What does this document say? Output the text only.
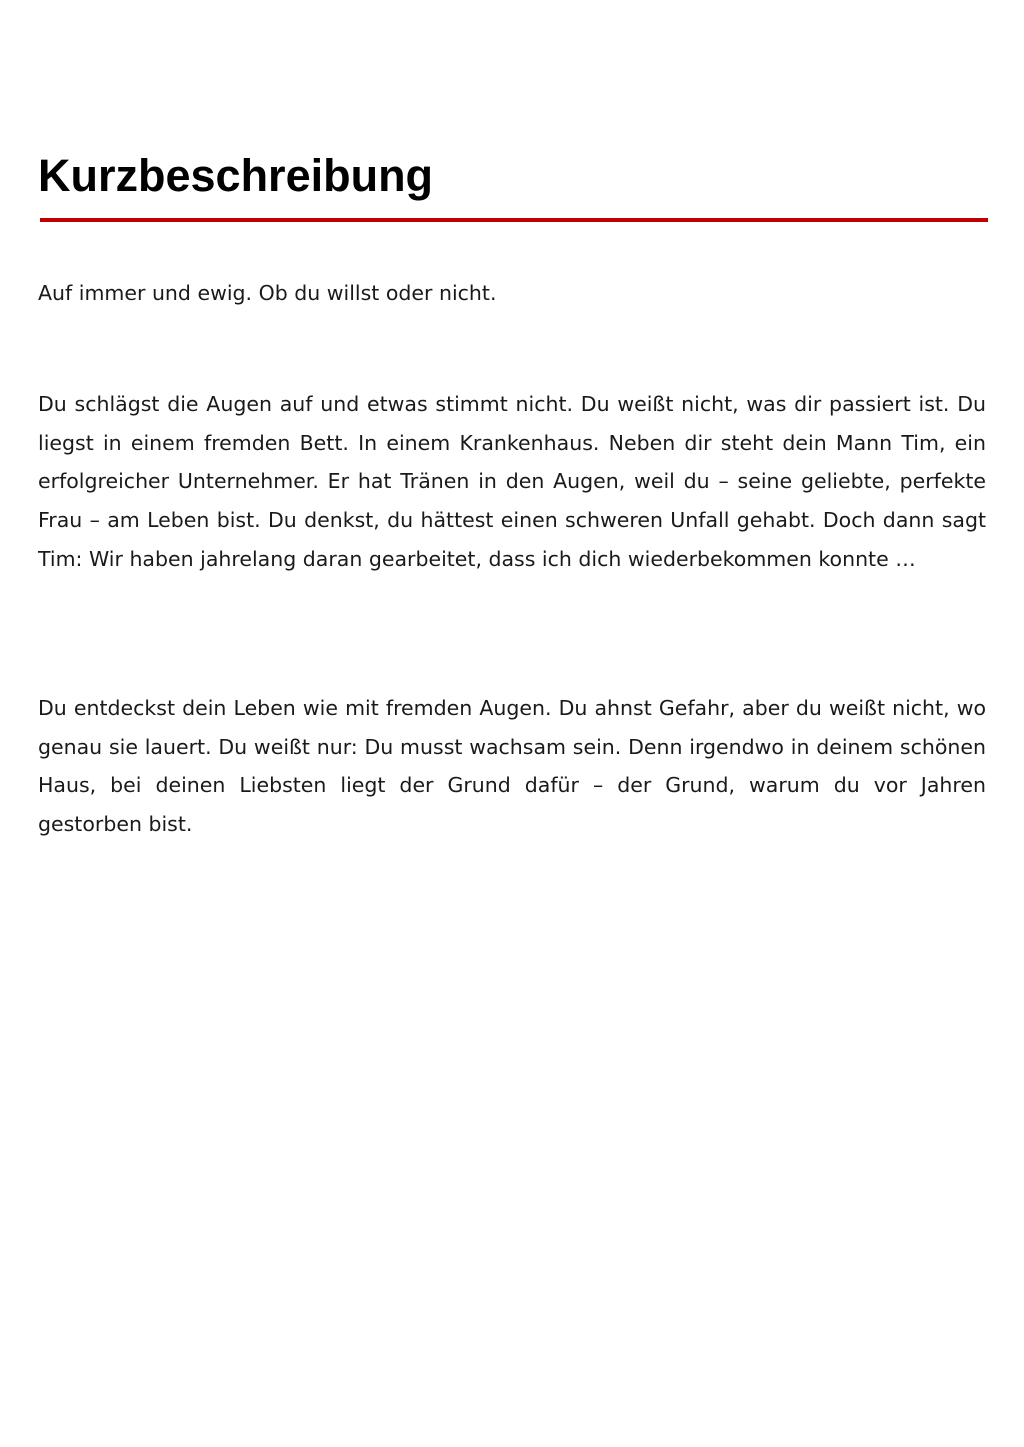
Kurzbeschreibung

Auf immer und ewig. Ob du willst oder nicht.

Du schlägst die Augen auf und etwas stimmt nicht. Du weißt nicht, was dir passiert ist. Du liegst in einem fremden Bett. In einem Krankenhaus. Neben dir steht dein Mann Tim, ein erfolgreicher Unternehmer. Er hat Tränen in den Augen, weil du – seine geliebte, perfekte Frau – am Leben bist. Du denkst, du hättest einen schweren Unfall gehabt. Doch dann sagt Tim: Wir haben jahrelang daran gearbeitet, dass ich dich wiederbekommen konnte …

Du entdeckst dein Leben wie mit fremden Augen. Du ahnst Gefahr, aber du weißt nicht, wo genau sie lauert. Du weißt nur: Du musst wachsam sein. Denn irgendwo in deinem schönen Haus, bei deinen Liebsten liegt der Grund dafür – der Grund, warum du vor Jahren gestorben bist.
